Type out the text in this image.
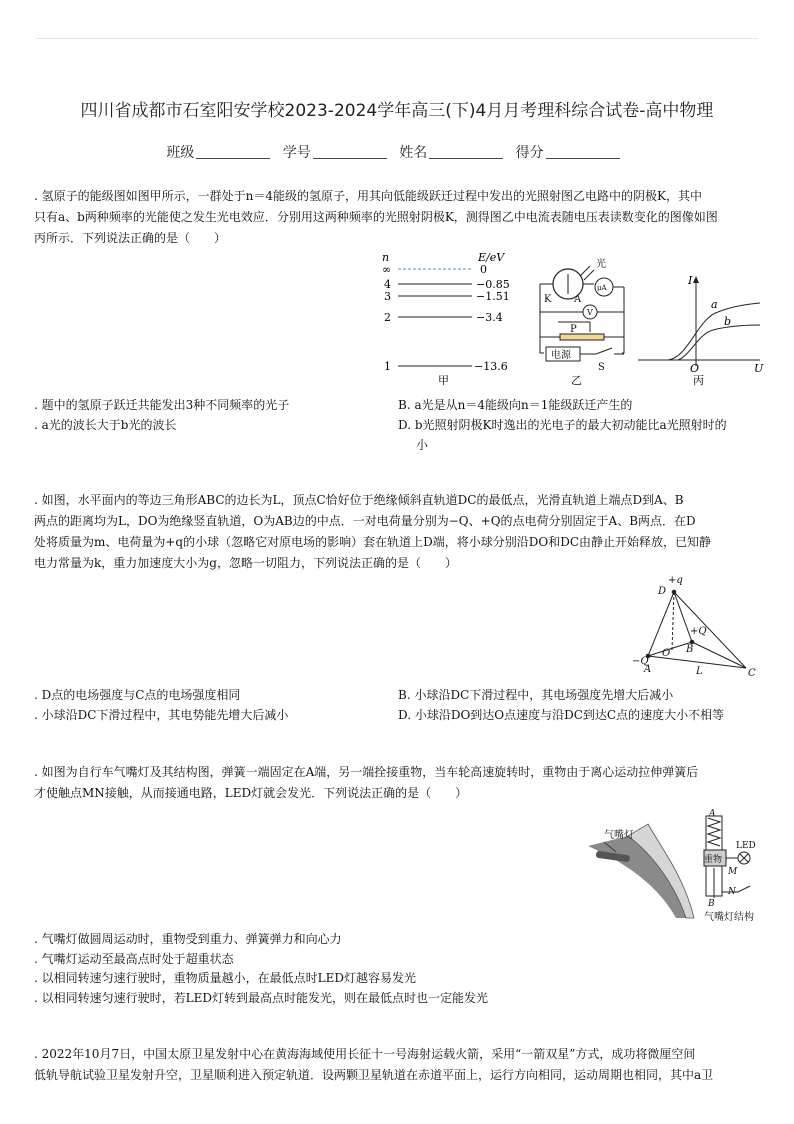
四川省成都市石室阳安学校2023-2024学年高三(下)4月月考理科综合试卷-高中物理
班级	学号	姓名	得分
. 氢原子的能级图如图甲所示，一群处于n＝4能级的氢原子，用其向低能级跃迁过程中发出的光照射图乙电路中的阴极K，其中
只有a、b两种频率的光能使之发生光电效应．分别用这两种频率的光照射阴极K，测得图乙中电流表随电压表读数变化的图像如图
丙所示．下列说法正确的是（　　）
n	E/eV
∞
4
3
2
1
0
−0.85
−1.51
−3.4
−13.6
甲
光
K A
μA
V
P
电源
S
乙
I
a
b
O	U
丙
. 题中的氢原子跃迁共能发出3种不同频率的光子	B. a光是从n＝4能级向n＝1能级跃迁产生的
. a光的波长大于b光的波长	D. b光照射阴极K时逸出的光电子的最大初动能比a光照射时的
小
. 如图，水平面内的等边三角形ABC的边长为L，顶点C恰好位于绝缘倾斜直轨道DC的最低点，光滑直轨道上端点D到A、B
两点的距离均为L，DO为绝缘竖直轨道，O为AB边的中点．一对电荷量分别为−Q、+Q的点电荷分别固定于A、B两点．在D
处将质量为m、电荷量为+q的小球（忽略它对原电场的影响）套在轨道上D端，将小球分别沿DO和DC由静止开始释放，已知静
电力常量为k，重力加速度大小为g，忽略一切阻力，下列说法正确的是（　　）
+q
D
+Q
−Q
O B
A	L	C
. D点的电场强度与C点的电场强度相同	B. 小球沿DC下滑过程中，其电场强度先增大后减小
. 小球沿DC下滑过程中，其电势能先增大后减小	D. 小球沿DO到达O点速度与沿DC到达C点的速度大小不相等
. 如图为自行车气嘴灯及其结构图，弹簧一端固定在A端，另一端拴接重物，当车轮高速旋转时，重物由于离心运动拉伸弹簧后
才使触点MN接触，从而接通电路，LED灯就会发光．下列说法正确的是（　　）
气嘴灯
A
重物
M
N
B
LED
气嘴灯结构
. 气嘴灯做圆周运动时，重物受到重力、弹簧弹力和向心力
. 气嘴灯运动至最高点时处于超重状态
. 以相同转速匀速行驶时，重物质量越小，在最低点时LED灯越容易发光
. 以相同转速匀速行驶时，若LED灯转到最高点时能发光，则在最低点时也一定能发光
. 2022年10月7日，中国太原卫星发射中心在黄海海域使用长征十一号海射运载火箭，采用“一箭双星”方式，成功将微厘空间
低轨导航试验卫星发射升空，卫星顺利进入预定轨道．设两颗卫星轨道在赤道平面上，运行方向相同，运动周期也相同，其中a卫
